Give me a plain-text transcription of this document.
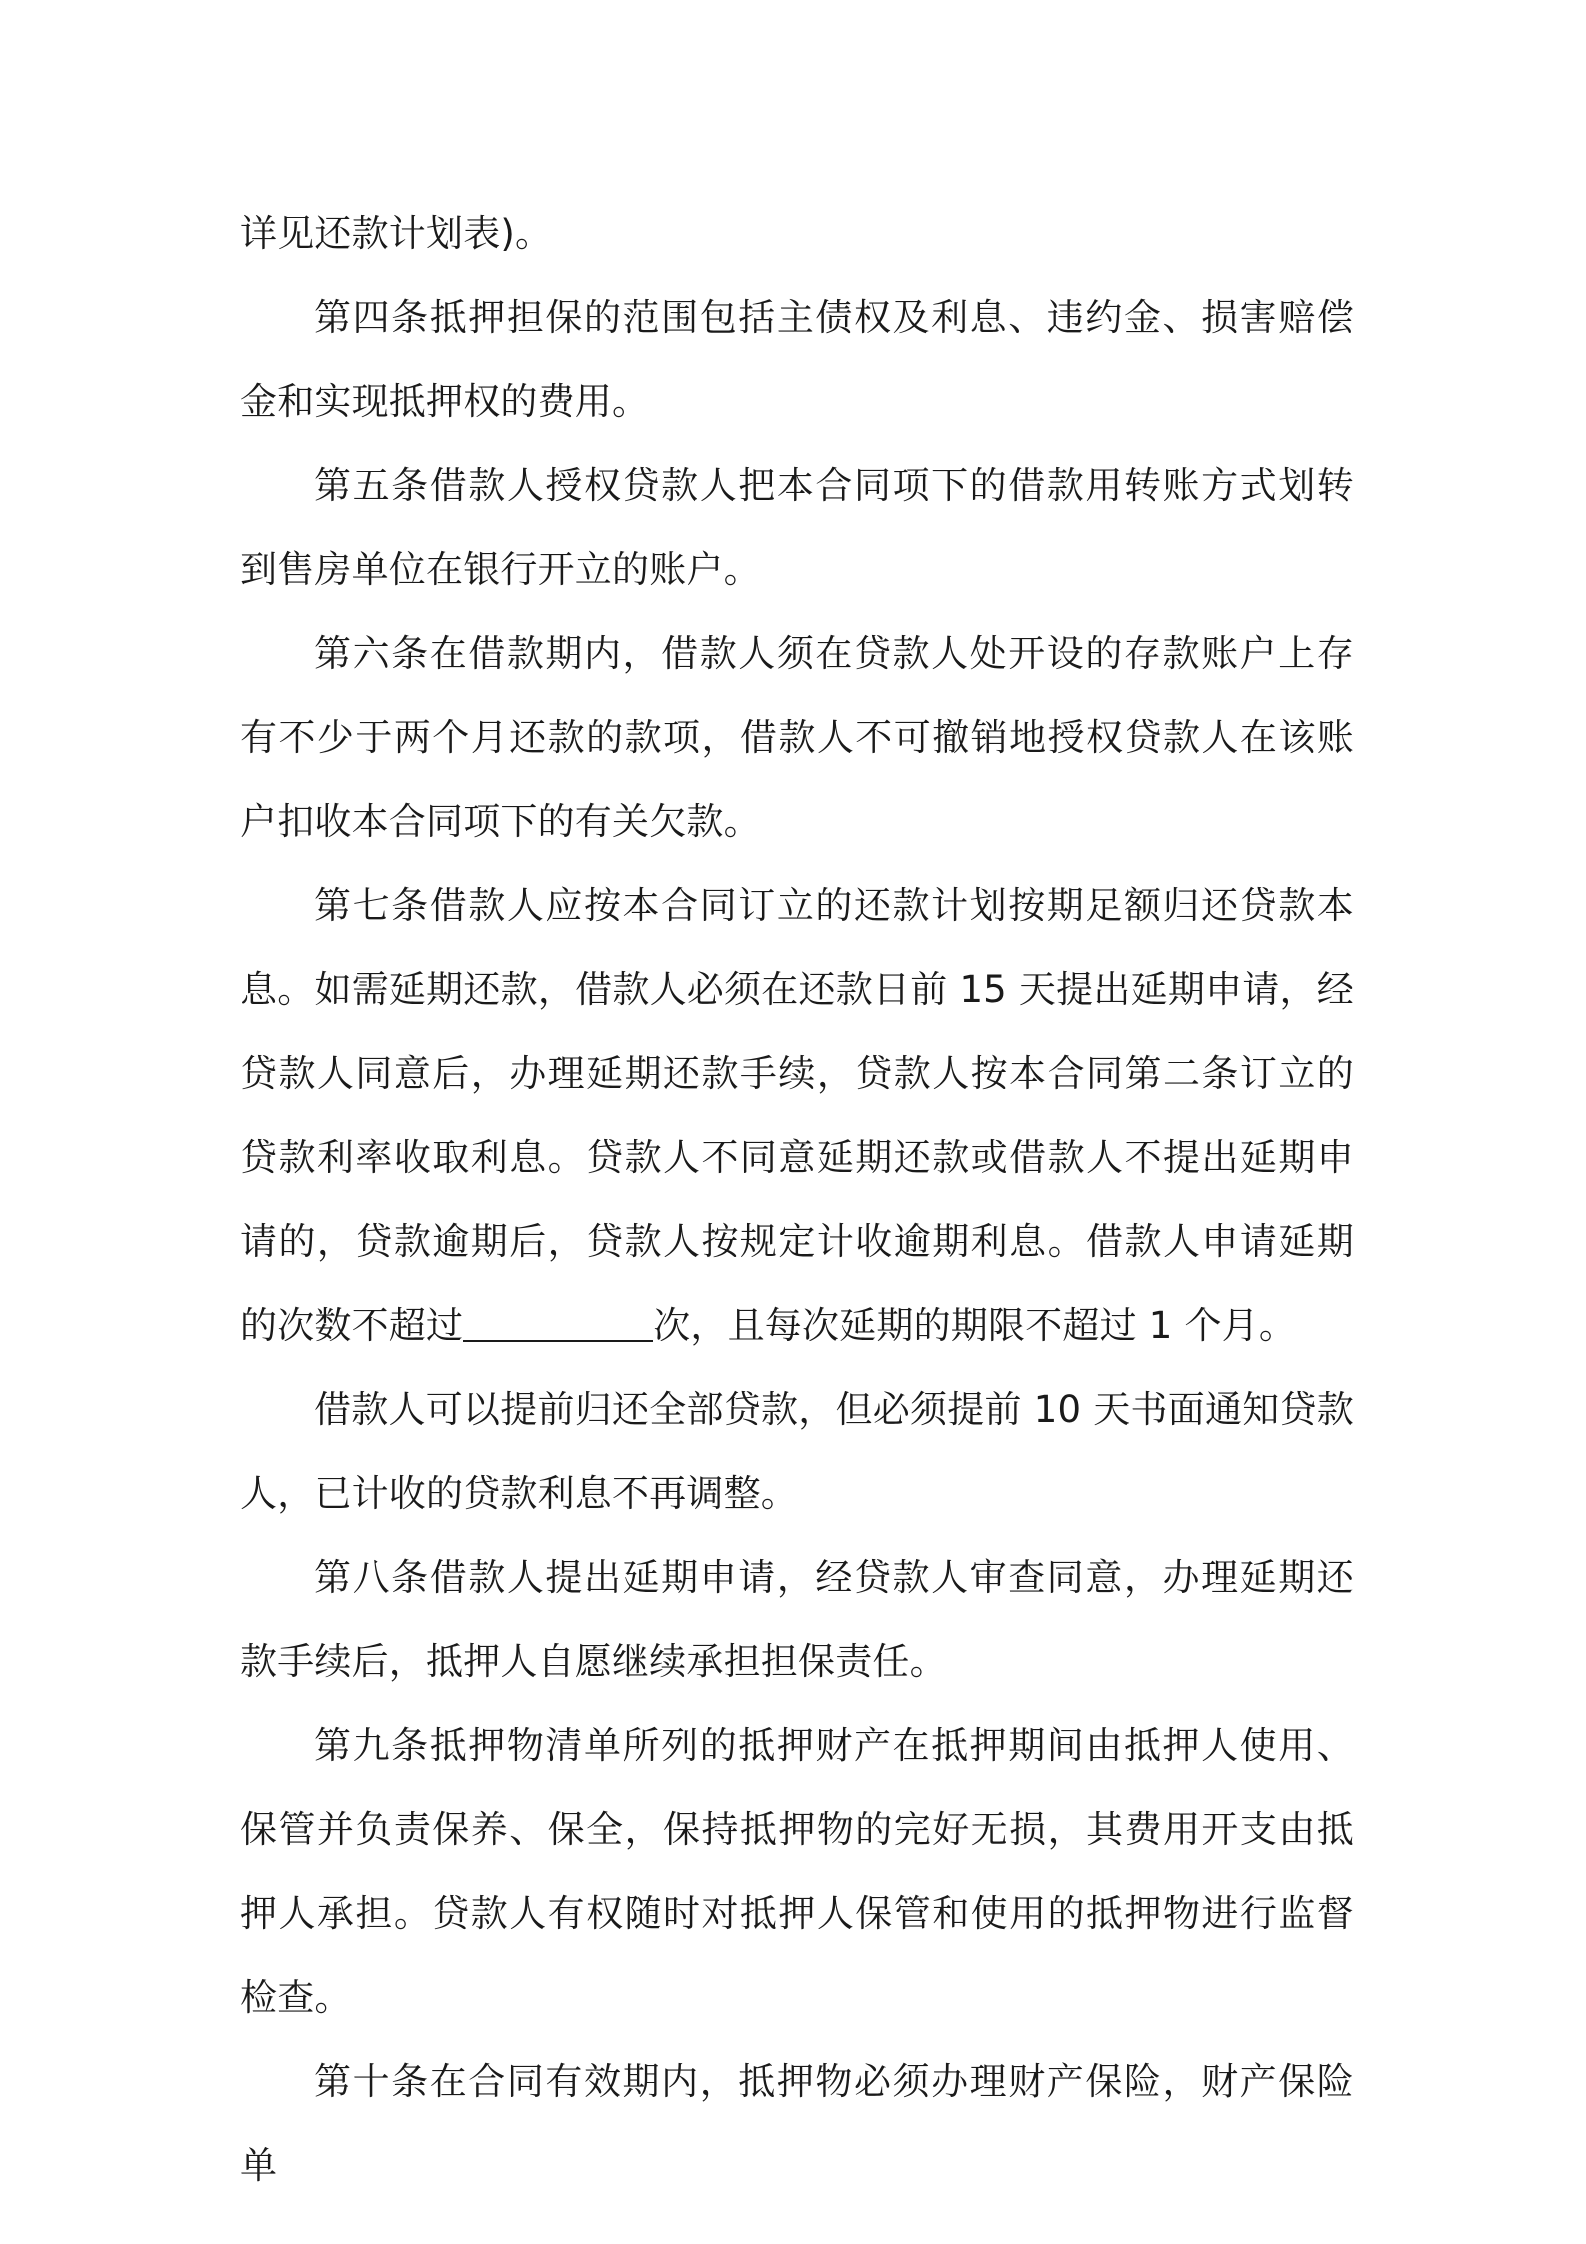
详见还款计划表)。

第四条抵押担保的范围包括主债权及利息、违约金、损害赔偿金和实现抵押权的费用。

第五条借款人授权贷款人把本合同项下的借款用转账方式划转到售房单位在银行开立的账户。

第六条在借款期内，借款人须在贷款人处开设的存款账户上存有不少于两个月还款的款项，借款人不可撤销地授权贷款人在该账户扣收本合同项下的有关欠款。

第七条借款人应按本合同订立的还款计划按期足额归还贷款本息。如需延期还款，借款人必须在还款日前 15 天提出延期申请，经贷款人同意后，办理延期还款手续，贷款人按本合同第二条订立的贷款利率收取利息。贷款人不同意延期还款或借款人不提出延期申请的，贷款逾期后，贷款人按规定计收逾期利息。借款人申请延期的次数不超过	次，且每次延期的期限不超过 1 个月。

借款人可以提前归还全部贷款，但必须提前 10 天书面通知贷款人，已计收的贷款利息不再调整。

第八条借款人提出延期申请，经贷款人审查同意，办理延期还款手续后，抵押人自愿继续承担担保责任。

第九条抵押物清单所列的抵押财产在抵押期间由抵押人使用、保管并负责保养、保全，保持抵押物的完好无损，其费用开支由抵押人承担。贷款人有权随时对抵押人保管和使用的抵押物进行监督检查。

第十条在合同有效期内，抵押物必须办理财产保险，财产保险单
